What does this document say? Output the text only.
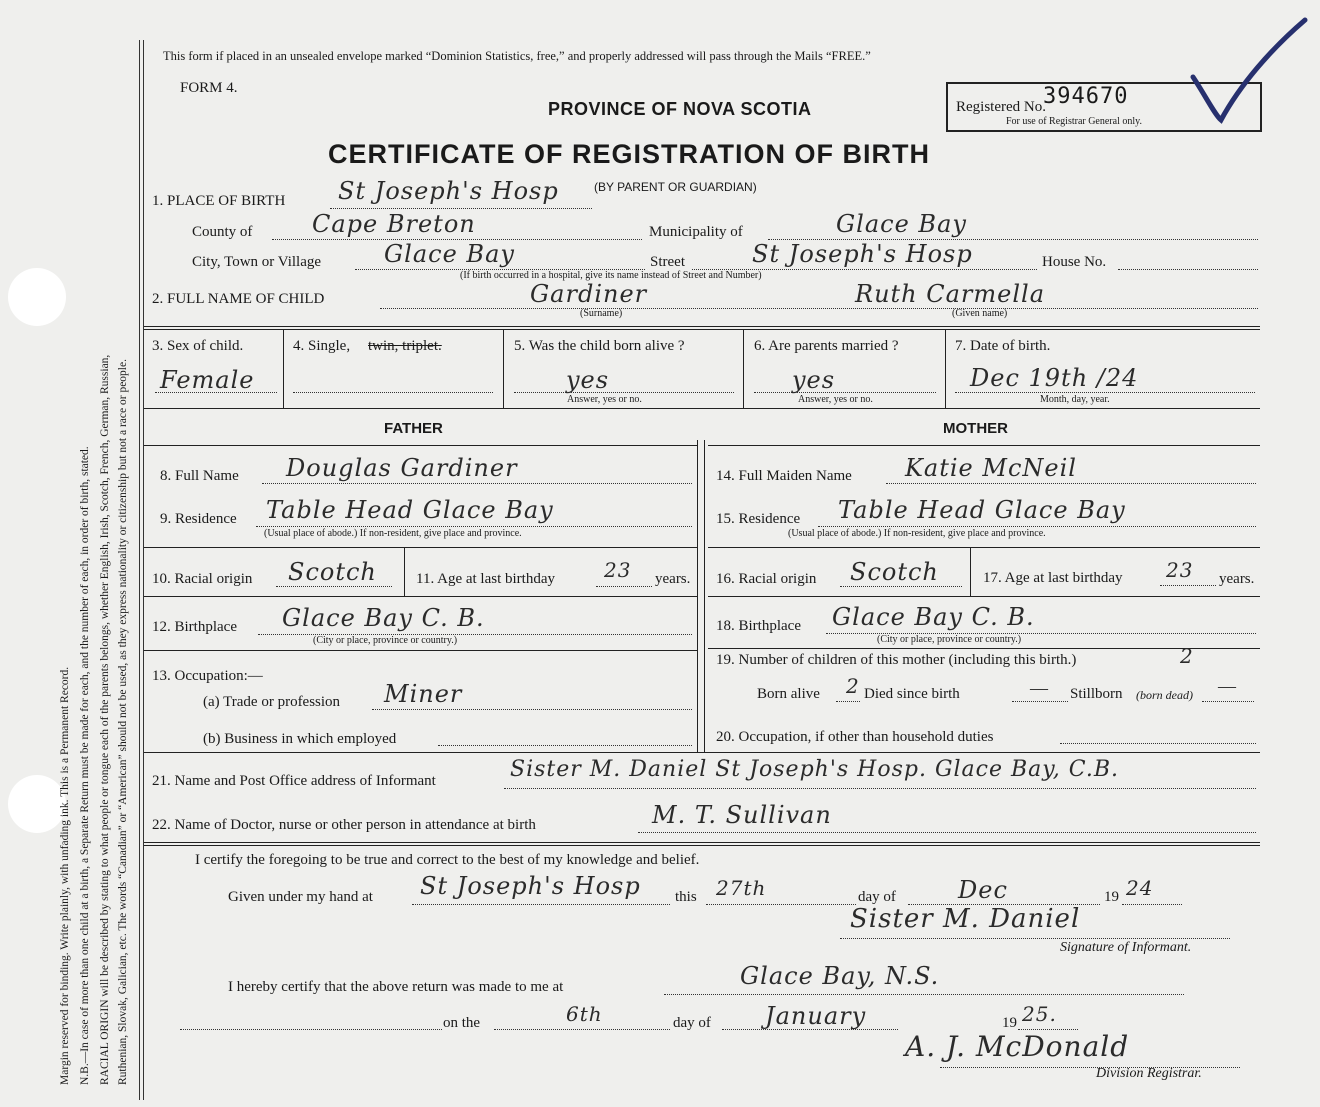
Margin reserved for binding. Write plainly, with unfading ink. This is a Permanent Record. N.B.—In case of more than one child at a birth, a Separate Return must be made for each, and the number of each, in order of birth, stated. RACIAL ORIGIN will be described by stating to what people or tongue each of the parents belongs, whether English, Irish, Scotch, French, German, Russian, Ruthenian, Slovak, Galician, etc. The words “Canadian” or “American” should not be used, as they express nationality or citizenship but not a race or people.
This form if placed in an unsealed envelope marked “Dominion Statistics, free,” and properly addressed will pass through the Mails “FREE.”
FORM 4.
PROVINCE OF NOVA SCOTIA
CERTIFICATE OF REGISTRATION OF BIRTH
(BY PARENT OR GUARDIAN)
Registered No.
394670
For use of Registrar General only.
1. PLACE OF BIRTH St Joseph's Hosp
County of Cape Breton	Municipality of	Glace Bay
City, Town or Village	Glace Bay	Street	St Joseph's Hosp	House No.
(If birth occurred in a hospital, give its name instead of Street and Number)
2. FULL NAME OF CHILD	Gardiner	Ruth Carmella
(Surname)	(Given name)
3. Sex of child.
Female
4. Single, twin, triplet.	5. Was the child born alive ?
yes
Answer, yes or no.
6. Are parents married ?
yes
Answer, yes or no.
7. Date of birth.
Dec 19th /24
Month, day, year.
FATHER	MOTHER
8. Full Name Douglas Gardiner
9. Residence Table Head Glace Bay
(Usual place of abode.) If non-resident, give place and province.
10. Racial origin Scotch	11. Age at last birthday 23 years.
12. Birthplace Glace Bay C. B.
(City or place, province or country.)
13. Occupation:—
(a) Trade or profession Miner
(b) Business in which employed
14. Full Maiden Name Katie McNeil
15. Residence Table Head Glace Bay
(Usual place of abode.) If non-resident, give place and province.
16. Racial origin Scotch	17. Age at last birthday 23 years.
18. Birthplace Glace Bay C. B.
(City or place, province or country.)
19. Number of children of this mother (including this birth.)	2
Born alive 2 Died since birth	— Stillborn (born dead) —
20. Occupation, if other than household duties
21. Name and Post Office address of Informant	Sister M. Daniel St Joseph's Hosp. Glace Bay, C.B.
22. Name of Doctor, nurse or other person in attendance at birth	M. T. Sullivan
I certify the foregoing to be true and correct to the best of my knowledge and belief.
Given under my hand at St Joseph's Hosp this 27th	day of	Dec	19 24
Sister M. Daniel
Signature of Informant.
I hereby certify that the above return was made to me at	Glace Bay, N.S.
on the	6th	day of January	19 25.
A. J. McDonald
Division Registrar.
